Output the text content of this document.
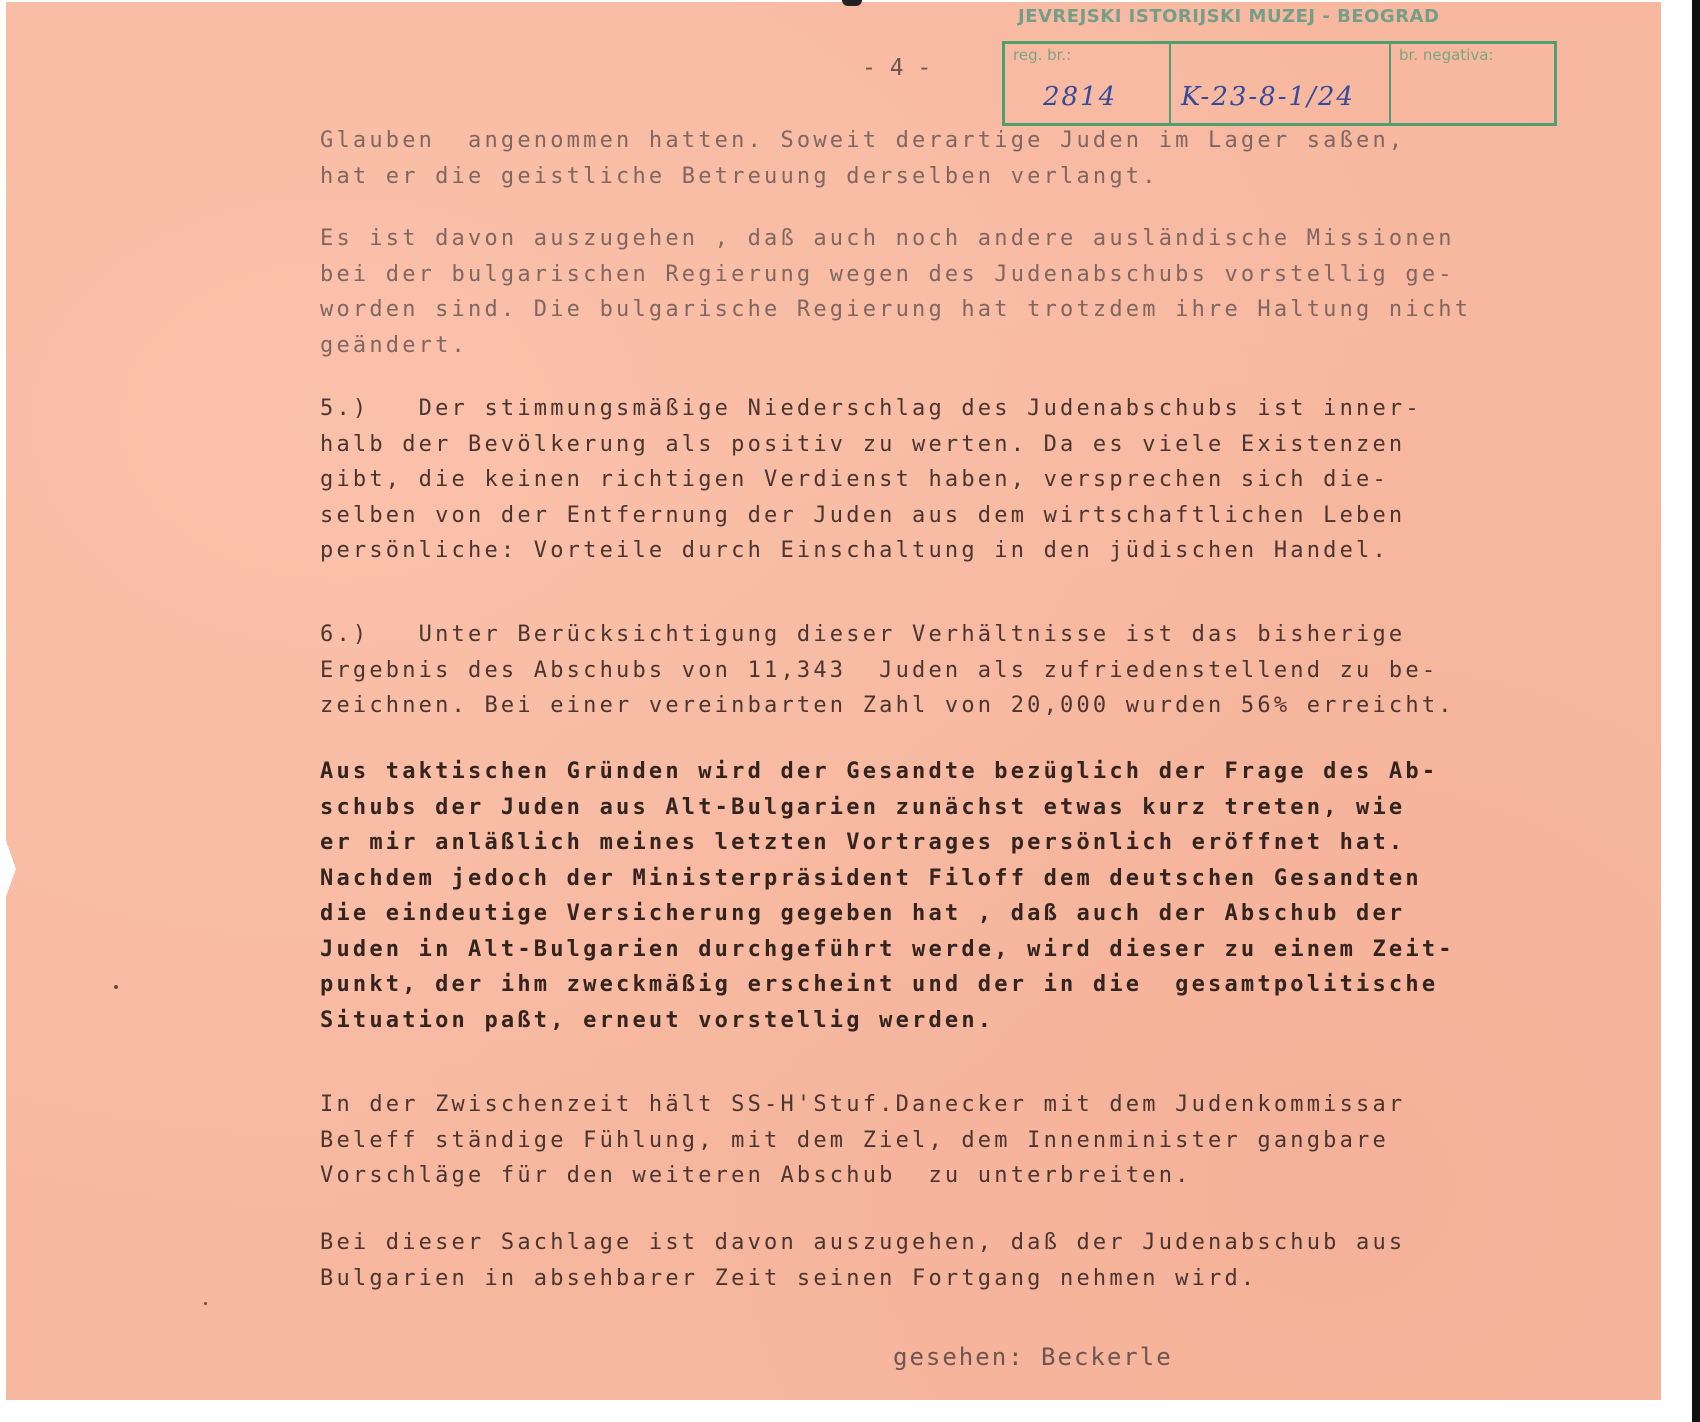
JEVREJSKI ISTORIJSKI MUZEJ - BEOGRAD
reg. br.:
2814 K-23-8-1/24
br. negativa:
- 4 -

Glauben  angenommen hatten. Soweit derartige Juden im Lager saßen,
hat er die geistliche Betreuung derselben verlangt.

Es ist davon auszugehen , daß auch noch andere ausländische Missionen
bei der bulgarischen Regierung wegen des Judenabschubs vorstellig ge-
worden sind. Die bulgarische Regierung hat trotzdem ihre Haltung nicht
geändert.

5.)   Der stimmungsmäßige Niederschlag des Judenabschubs ist inner-
halb der Bevölkerung als positiv zu werten. Da es viele Existenzen
gibt, die keinen richtigen Verdienst haben, versprechen sich die-
selben von der Entfernung der Juden aus dem wirtschaftlichen Leben
persönliche: Vorteile durch Einschaltung in den jüdischen Handel.

6.)   Unter Berücksichtigung dieser Verhältnisse ist das bisherige
Ergebnis des Abschubs von 11,343  Juden als zufriedenstellend zu be-
zeichnen. Bei einer vereinbarten Zahl von 20,000 wurden 56% erreicht.

Aus taktischen Gründen wird der Gesandte bezüglich der Frage des Ab-
schubs der Juden aus Alt-Bulgarien zunächst etwas kurz treten, wie
er mir anläßlich meines letzten Vortrages persönlich eröffnet hat.
Nachdem jedoch der Ministerpräsident Filoff dem deutschen Gesandten
die eindeutige Versicherung gegeben hat , daß auch der Abschub der
Juden in Alt-Bulgarien durchgeführt werde, wird dieser zu einem Zeit-
punkt, der ihm zweckmäßig erscheint und der in die  gesamtpolitische
Situation paßt, erneut vorstellig werden.

In der Zwischenzeit hält SS-H'Stuf.Danecker mit dem Judenkommissar
Beleff ständige Fühlung, mit dem Ziel, dem Innenminister gangbare
Vorschläge für den weiteren Abschub  zu unterbreiten.

Bei dieser Sachlage ist davon auszugehen, daß der Judenabschub aus
Bulgarien in absehbarer Zeit seinen Fortgang nehmen wird.

gesehen: Beckerle
